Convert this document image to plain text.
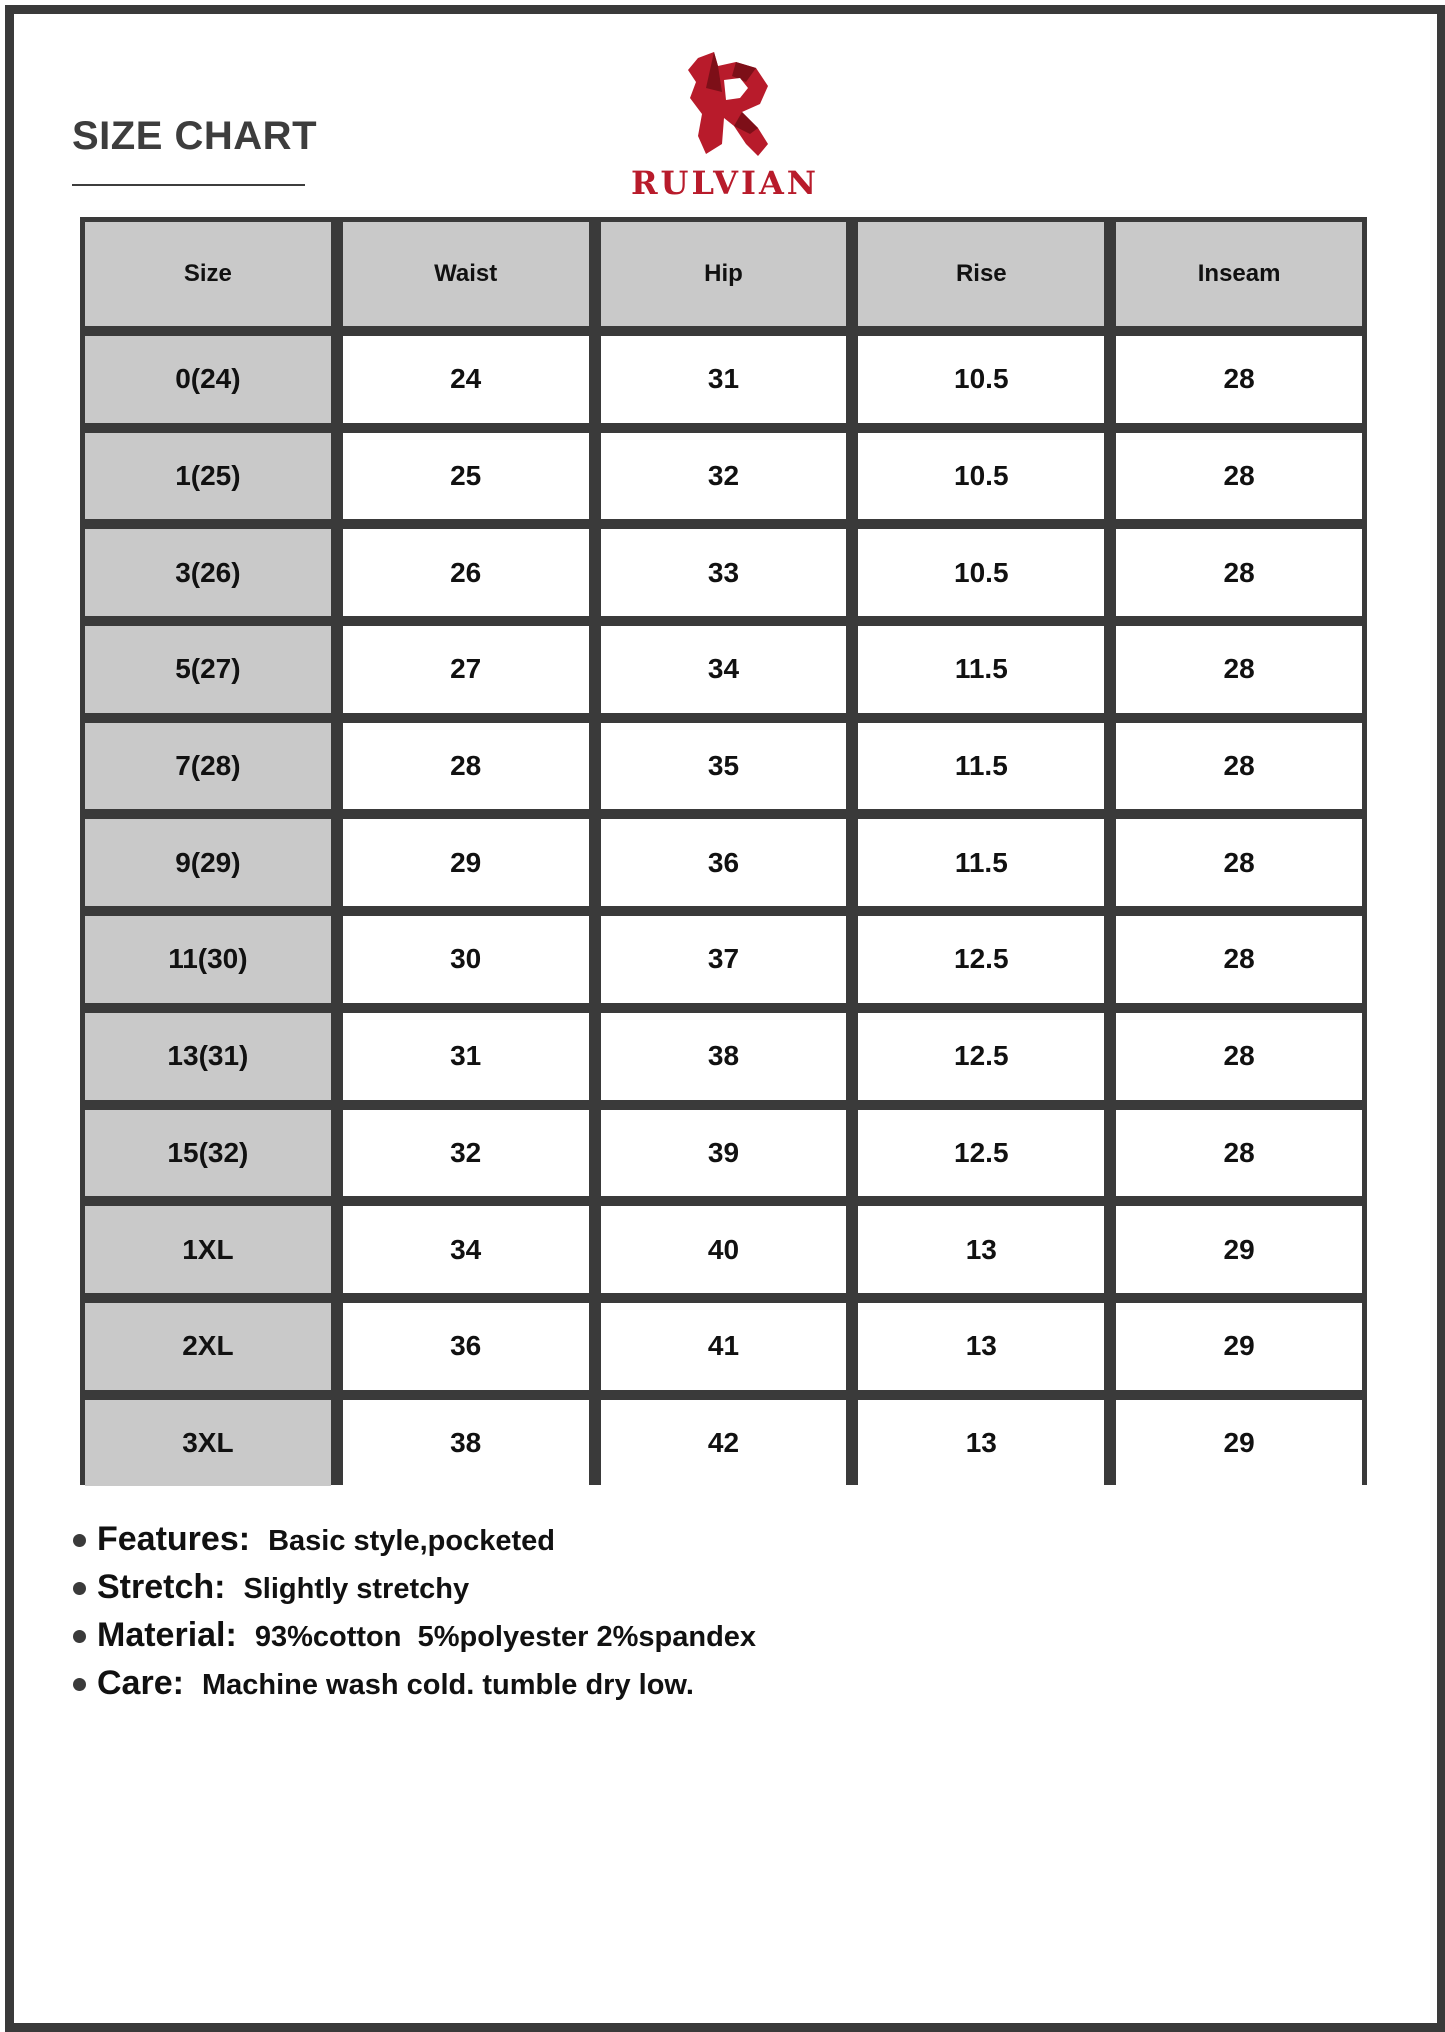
SIZE CHART
RULVIAN
Size	Waist	Hip	Rise	Inseam
0(24)	24	31	10.5	28
1(25)	25	32	10.5	28
3(26)	26	33	10.5	28
5(27)	27	34	11.5	28
7(28)	28	35	11.5	28
9(29)	29	36	11.5	28
11(30)	30	37	12.5	28
13(31)	31	38	12.5	28
15(32)	32	39	12.5	28
1XL	34	40	13	29
2XL	36	41	13	29
3XL	38	42	13	29
Features: Basic style,pocketed
Stretch: Slightly stretchy
Material: 93%cotton  5%polyester 2%spandex
Care: Machine wash cold. tumble dry low.
